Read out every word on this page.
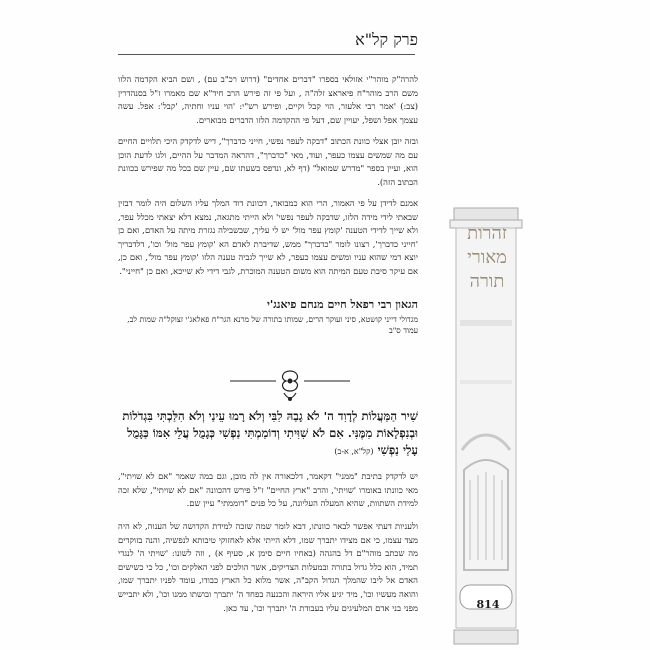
פרק קל"א
להרה"ק מוהר"י אזולאי בספרו "דברים אחדים" (דרוש רכ"ב עם) , ושם הביא הקדמה הלזו משם הרב מוהר"ח פיאראצ זלה"ה , ועל פי זה פירש הרב חיד"א שם מאמרו ז"ל בסנהדרין (צב:) 'אמר רבי אלעזר, הוי קבל וקיים, ופירש רש"י: 'הוי עניו וחתיה, 'קבל': אפל. עשה עצמך אפל ושפל, יעויין שם, דעל פי ההקדמה הלזו הדברים מבוארים.
ובזה יובן אצלי כוונת הכתוב "דבקה לעפר נפשי, חייני כדברך", דיש לדקדק היכי תלויים החיים עם מה שמשים עצמו כעפר, ועוד, מאי "כדברך", דהראה המדבר על ההיים, ולגו לדעת הוכן הוא, ועיין בספר "מדרש שמואל" (דף לא, ונדפס בשעתו שם, עיין שם בכל מה שפירש בכוונת הכתוב הזה).
אמנם לדידן על פי האמור, הרי הוא כמבואר, דכוונת דוד המלך עליו השלום היה לומר דבזין שבאתי לידי מידה הלזו, שדבקה לעפר נפשי' ולא הייתי מתגאה, נמצא דלא יצאתי מכלל עפר, ולא שייך לדידי הטענה 'קומץ עפר מול' יש לי עליך, שבשבילה נגזרת מיתה על האדם, ואם כן 'חייני כדברך', רצונו לומר "כדברך" ממש, שדיברת לאדם הא 'קומץ עפר מול' וכו', דלדבריך יוצא דמי שהוא עניו ומשים עצמו כעפר, לא שייך לגביה טענה הלזו 'קומץ עפר מול', ואם כן, אם עיקר סיבת טעם המיתה הוא משום הטענה המוכרת, לגבי דידי לא שייכא, ואם כן "חייני".
הגאון רבי רפאל חיים מנחם פיאנג'י
מגדולי דייני קושטא, סיני ועוקר הרים, שמותו בתורה של מרנא הגר"ח פאלאג'י זצוקל"ה שמות לב, עמוד ס"ב
שִׁיר הַמַּעֲלוֹת לְדָוִד ה' לֹא גָבַהּ לִבִּי וְלֹא רָמוּ עֵינַי וְלֹא הִלַּכְתִּי בִּגְדֹלוֹת וּבְנִפְלָאוֹת מִמֶּנִּי. אִם לֹא שִׁוִּיתִי וְדוֹמַמְתִּי נַפְשִׁי כְּגָמֻל עֲלֵי אִמּוֹ כַּגָּמֻל עָלַי נַפְשִׁי (קל"א, א-ב)
יש לדקדק בתיבת "ממני" דקאמר, דלכאורה אין לה מובן, וגם במה שאמר "אם לא שויתי", מאי כוונתו באומרו 'שויתי', והרב "ארץ החיים" ז"ל פירש דהכוונה "אם לא שויתי", שלא זכה למידת השתוות, שהיא המעלה העליונה, על כל פנים "דוממתי" עיין שם.
ולעניות דעתי אפשר לבאר כוונתו, דבא לומר שמה שזכה למידת הקדושה של הענוה, לא היה מצד עצמו, כי אם מצידו יתברך שמו, דלא הייתי אלא לאחזוקי טיבותא לנפשיה, והנה בזוקדים מה שכתב מוהר"ם דל בהגהה (באחיו חיים סימן א, סעיף א) , וזה לשונו: 'שויתי ה' לנגדי תמיד, הוא כלל גדול בתורה ובמעלות הצדיקים, אשר הולכים לפני האלקים וכו', כל כי כשישים האדם אל ליבו שהמלך הגדול הקב"ה, אשר מלוא כל הארץ כבודו, עומד לפניו יתברך שמו, והואה מעשיו וכו', מיד יגיע אליו היראה והכנעה בפחד ה' יתברך ובושתו ממנו וכו', ולא יתבייש מפני בני אדם המלעיגים עליו בעבודת ה' יתברך וכו', עד כאן.
זהרות
מאורי
תורה
814
